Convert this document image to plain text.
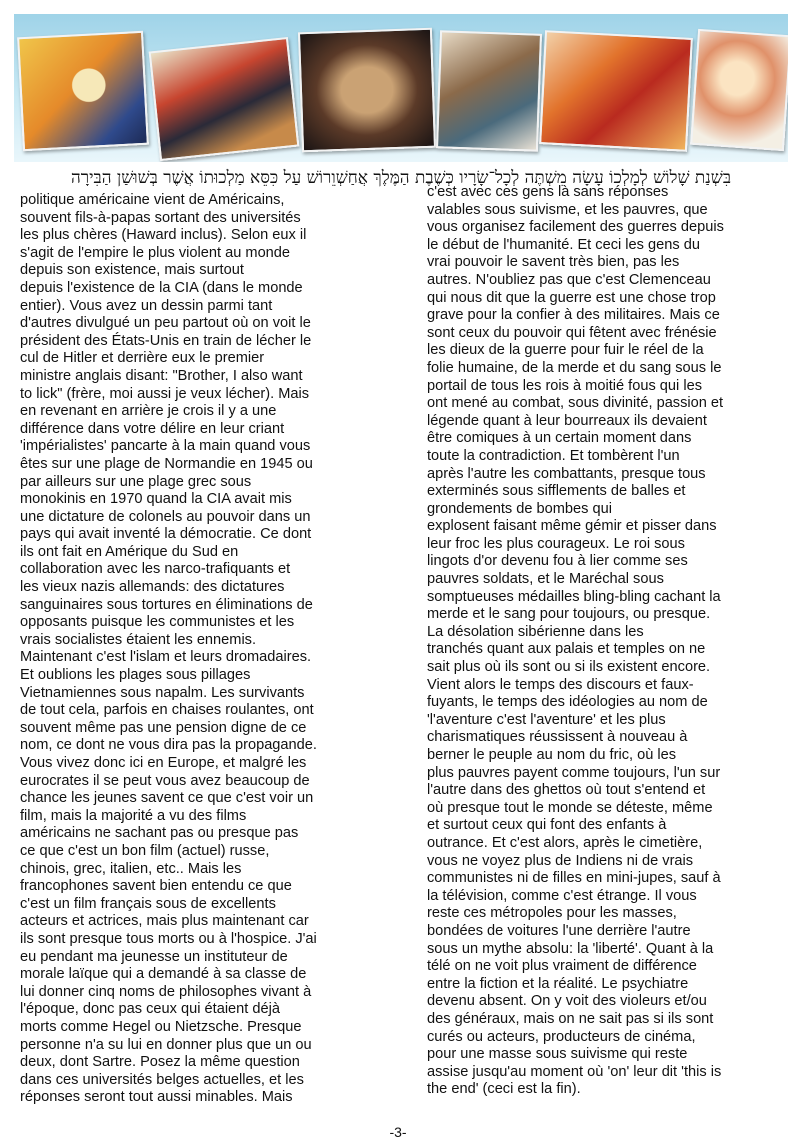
בִּשְׁנַת שָׁלוֹשׁ לְמָלְכוֹ עָשָׂה מִשְׁתֶּה לְכָל־שָׂרָיו כְּשֶׁבֶת הַמֶּלֶךְ אֲחַשְׁוֵרוֹשׁ עַל כִּסֵּא מַלְכוּתוֹ אֲשֶׁר בְּשׁוּשַׁן הַבִּירָה

politique américaine vient de Américains,
souvent fils-à-papas sortant des universités
les plus chères (Haward inclus). Selon eux il
s'agit de l'empire le plus violent au monde
depuis son existence, mais surtout
depuis l'existence de la CIA (dans le monde
entier). Vous avez un dessin parmi tant
d'autres divulgué un peu partout où on voit le
président des États-Unis en train de lécher le
cul de Hitler et derrière eux le premier
ministre anglais disant: "Brother, I also want
to lick" (frère, moi aussi je veux lécher). Mais
en revenant en arrière je crois il y a une
différence dans votre délire en leur criant
'impérialistes' pancarte à la main quand vous
êtes sur une plage de Normandie en 1945 ou
par ailleurs sur une plage grec sous
monokinis en 1970 quand la CIA avait mis
une dictature de colonels au pouvoir dans un
pays qui avait inventé la démocratie. Ce dont
ils ont fait en Amérique du Sud en
collaboration avec les narco-trafiquants et
les vieux nazis allemands: des dictatures
sanguinaires sous tortures en éliminations de
opposants puisque les communistes et les
vrais socialistes étaient les ennemis.
Maintenant c'est l'islam et leurs dromadaires.
Et oublions les plages sous pillages
Vietnamiennes sous napalm. Les survivants
de tout cela, parfois en chaises roulantes, ont
souvent même pas une pension digne de ce
nom, ce dont ne vous dira pas la propagande.
Vous vivez donc ici en Europe, et malgré les
eurocrates il se peut vous avez beaucoup de
chance les jeunes savent ce que c'est voir un
film, mais la majorité a vu des films
américains ne sachant pas ou presque pas
ce que c'est un bon film (actuel) russe,
chinois, grec, italien, etc.. Mais les
francophones savent bien entendu ce que
c'est un film français sous de excellents
acteurs et actrices, mais plus maintenant car
ils sont presque tous morts ou à l'hospice. J'ai
eu pendant ma jeunesse un instituteur de
morale laïque qui a demandé à sa classe de
lui donner cinq noms de philosophes vivant à
l'époque, donc pas ceux qui étaient déjà
morts comme Hegel ou Nietzsche. Presque
personne n'a su lui en donner plus que un ou
deux, dont Sartre. Posez la même question
dans ces universités belges actuelles, et les
réponses seront tout aussi minables. Mais

c'est avec ces gens là sans réponses
valables sous suivisme, et les pauvres, que
vous organisez facilement des guerres depuis
le début de l'humanité. Et ceci les gens du
vrai pouvoir le savent très bien, pas les
autres. N'oubliez pas que c'est Clemenceau
qui nous dit que la guerre est une chose trop
grave pour la confier à des militaires. Mais ce
sont ceux du pouvoir qui fêtent avec frénésie
les dieux de la guerre pour fuir le réel de la
folie humaine, de la merde et du sang sous le
portail de tous les rois à moitié fous qui les
ont mené au combat, sous divinité, passion et
légende quant à leur bourreaux ils devaient
être comiques à un certain moment dans
toute la contradiction. Et tombèrent l'un
après l'autre les combattants, presque tous
exterminés sous sifflements de balles et
grondements de bombes qui
explosent faisant même gémir et pisser dans
leur froc les plus courageux. Le roi sous
lingots d'or devenu fou à lier comme ses
pauvres soldats, et le Maréchal sous
somptueuses médailles bling-bling cachant la
merde et le sang pour toujours, ou presque.
La désolation sibérienne dans les
tranchés quant aux palais et temples on ne
sait plus où ils sont ou si ils existent encore.
Vient alors le temps des discours et faux-
fuyants, le temps des idéologies au nom de
'l'aventure c'est l'aventure' et les plus
charismatiques réussissent à nouveau à
berner le peuple au nom du fric, où les
plus pauvres payent comme toujours, l'un sur
l'autre dans des ghettos où tout s'entend et
où presque tout le monde se déteste, même
et surtout ceux qui font des enfants à
outrance. Et c'est alors, après le cimetière,
vous ne voyez plus de Indiens ni de vrais
communistes ni de filles en mini-jupes, sauf à
la télévision, comme c'est étrange. Il vous
reste ces métropoles pour les masses,
bondées de voitures l'une derrière l'autre
sous un mythe absolu: la 'liberté'. Quant à la
télé on ne voit plus vraiment de différence
entre la fiction et la réalité. Le psychiatre
devenu absent. On y voit des violeurs et/ou
des généraux, mais on ne sait pas si ils sont
curés ou acteurs, producteurs de cinéma,
pour une masse sous suivisme qui reste
assise jusqu'au moment où 'on' leur dit 'this is
the end' (ceci est la fin).

-3-
